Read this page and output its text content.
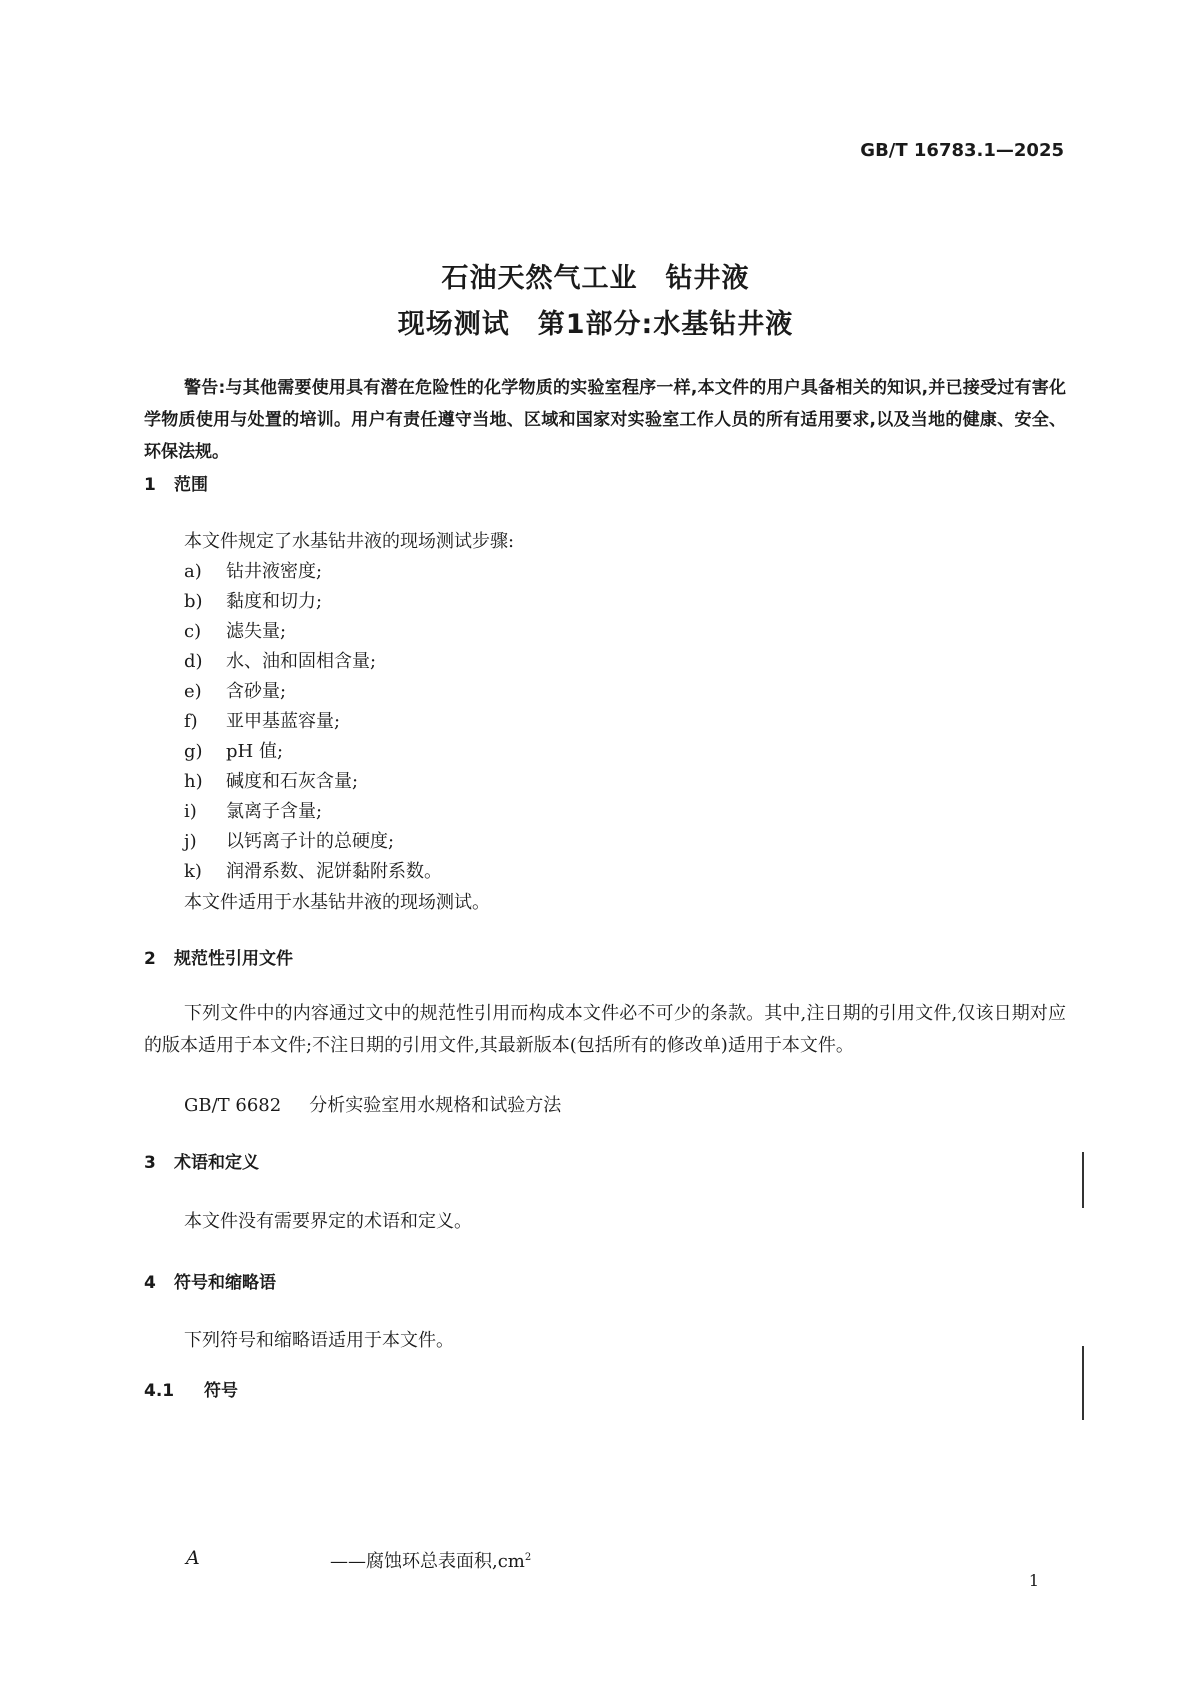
GB/T 16783.1—2025
石油天然气工业　钻井液
现场测试　第1部分:水基钻井液
警告:与其他需要使用具有潜在危险性的化学物质的实验室程序一样,本文件的用户具备相关的知识,并已接受过有害化学物质使用与处置的培训。用户有责任遵守当地、区域和国家对实验室工作人员的所有适用要求,以及当地的健康、安全、环保法规。
1 范围
本文件规定了水基钻井液的现场测试步骤:
a) 钻井液密度;
b) 黏度和切力;
c) 滤失量;
d) 水、油和固相含量;
e) 含砂量;
f) 亚甲基蓝容量;
g) pH 值;
h) 碱度和石灰含量;
i) 氯离子含量;
j) 以钙离子计的总硬度;
k) 润滑系数、泥饼黏附系数。
本文件适用于水基钻井液的现场测试。
2 规范性引用文件
下列文件中的内容通过文中的规范性引用而构成本文件必不可少的条款。其中,注日期的引用文件,仅该日期对应的版本适用于本文件;不注日期的引用文件,其最新版本(包括所有的修改单)适用于本文件。
GB/T 6682 分析实验室用水规格和试验方法
3 术语和定义
本文件没有需要界定的术语和定义。
4 符号和缩略语
下列符号和缩略语适用于本文件。
4.1 符号
A	——腐蚀环总表面积$,cm^2$
1
